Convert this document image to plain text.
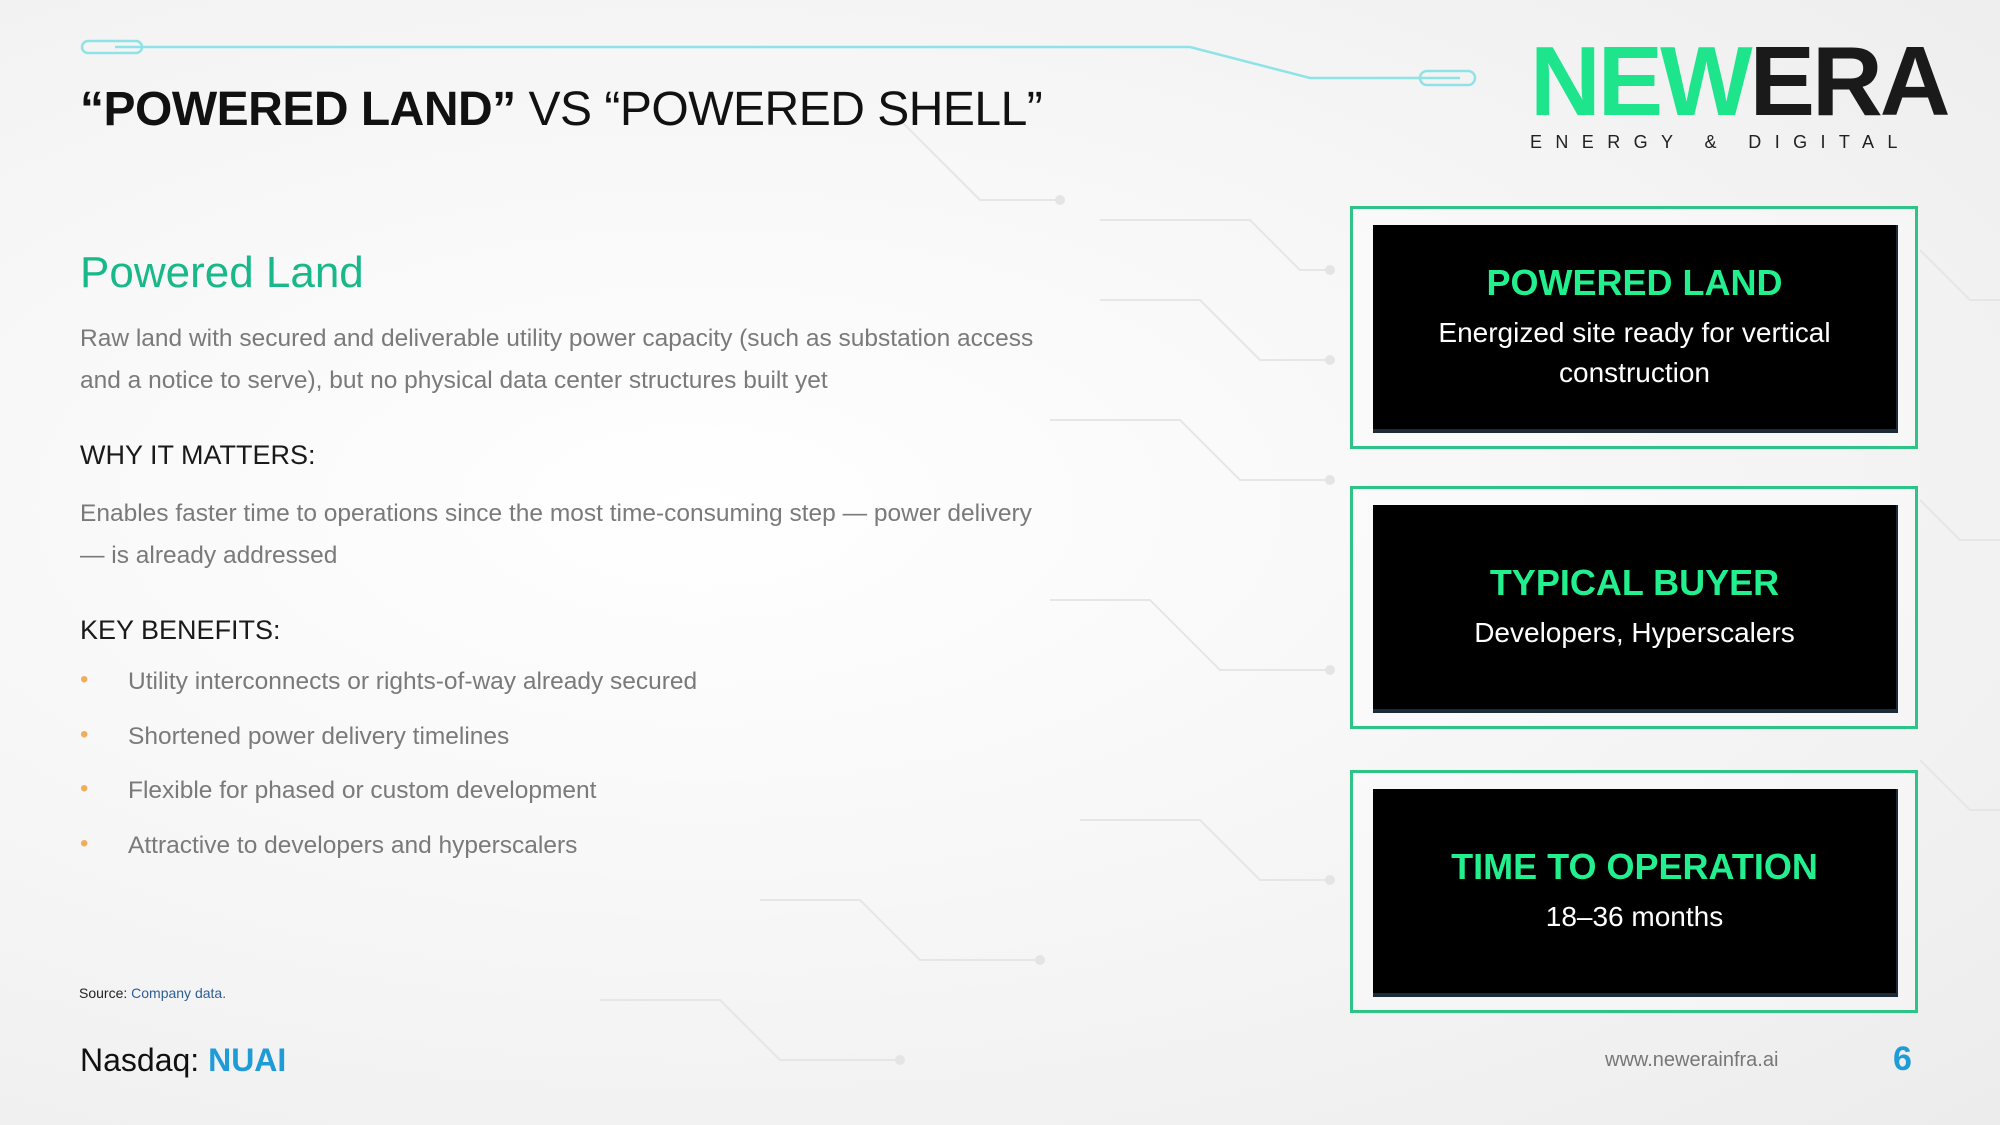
“POWERED LAND” VS “POWERED SHELL”	NEWERA
ENERGY & DIGITAL
Powered Land
Raw land with secured and deliverable utility power capacity (such as substation access and a notice to serve), but no physical data center structures built yet
WHY IT MATTERS:
Enables faster time to operations since the most time-consuming step — power delivery — is already addressed
KEY BENEFITS:
• Utility interconnects or rights-of-way already secured
• Shortened power delivery timelines
• Flexible for phased or custom development
• Attractive to developers and hyperscalers
POWERED LAND
Energized site ready for vertical construction
TYPICAL BUYER
Developers, Hyperscalers
TIME TO OPERATION
18–36 months
Source: Company data.
Nasdaq: NUAI	www.newerainfra.ai	6
